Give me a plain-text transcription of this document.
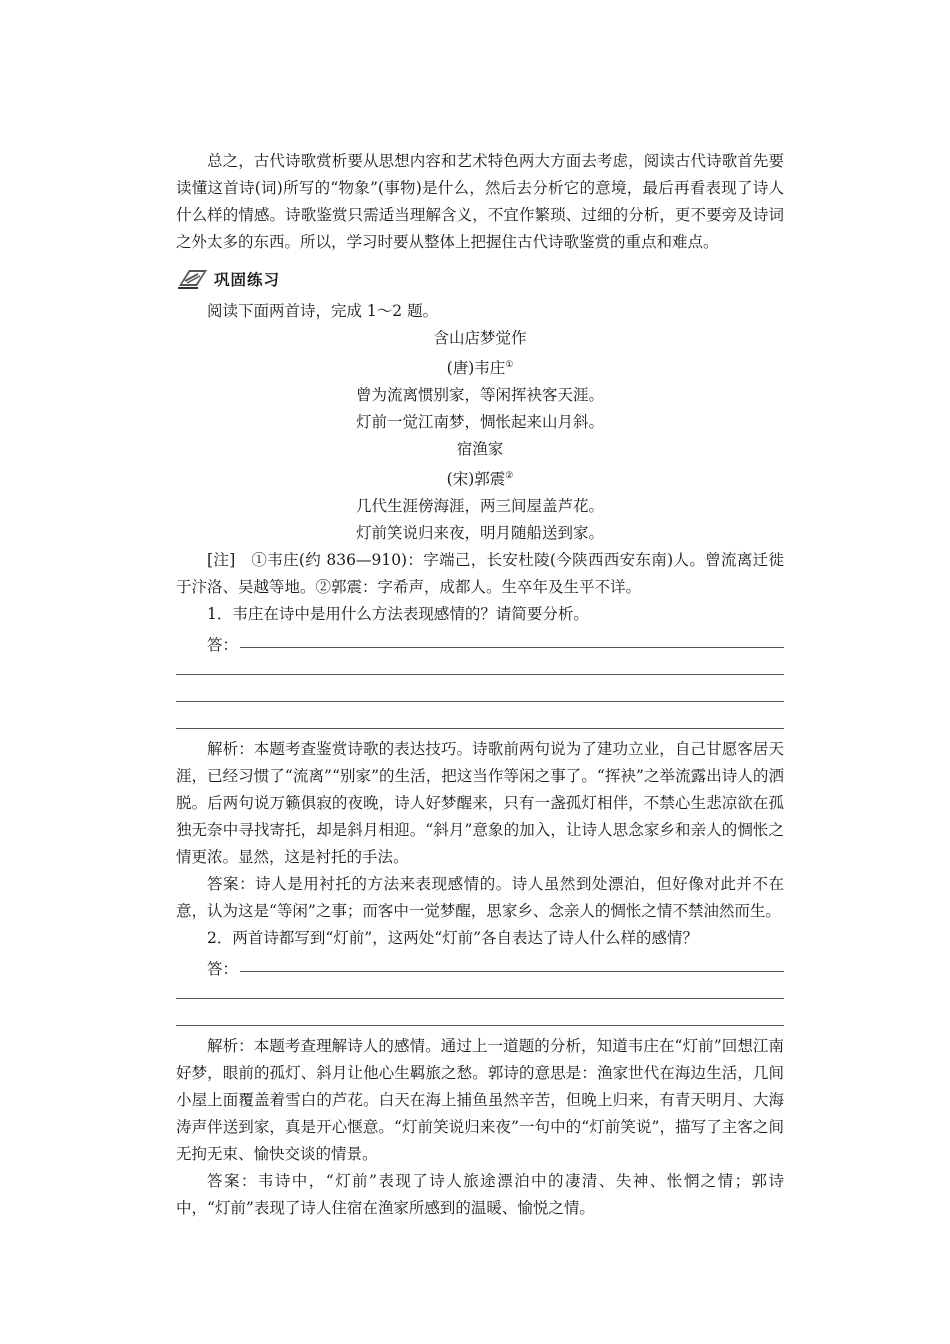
总之，古代诗歌赏析要从思想内容和艺术特色两大方面去考虑，阅读古代诗歌首先要读懂这首诗(词)所写的“物象”(事物)是什么，然后去分析它的意境，最后再看表现了诗人什么样的情感。诗歌鉴赏只需适当理解含义，不宜作繁琐、过细的分析，更不要旁及诗词之外太多的东西。所以，学习时要从整体上把握住古代诗歌鉴赏的重点和难点。

巩固练习

阅读下面两首诗，完成 1～2 题。

含山店梦觉作

(唐)韦庄①

曾为流离惯别家，等闲挥袂客天涯。

灯前一觉江南梦，惆怅起来山月斜。

宿渔家

(宋)郭震②

几代生涯傍海涯，两三间屋盖芦花。

灯前笑说归来夜，明月随船送到家。

[注]　①韦庄(约 836—910)：字端己，长安杜陵(今陕西西安东南)人。曾流离迁徙于汴洛、吴越等地。②郭震：字希声，成都人。生卒年及生平不详。

1．韦庄在诗中是用什么方法表现感情的？请简要分析。

答：

解析：本题考查鉴赏诗歌的表达技巧。诗歌前两句说为了建功立业，自己甘愿客居天涯，已经习惯了“流离”“别家”的生活，把这当作等闲之事了。“挥袂”之举流露出诗人的洒脱。后两句说万籁俱寂的夜晚，诗人好梦醒来，只有一盏孤灯相伴，不禁心生悲凉欲在孤独无奈中寻找寄托，却是斜月相迎。“斜月”意象的加入，让诗人思念家乡和亲人的惆怅之情更浓。显然，这是衬托的手法。

答案：诗人是用衬托的方法来表现感情的。诗人虽然到处漂泊，但好像对此并不在意，认为这是“等闲”之事；而客中一觉梦醒，思家乡、念亲人的惆怅之情不禁油然而生。

2．两首诗都写到“灯前”，这两处“灯前”各自表达了诗人什么样的感情？

答：

解析：本题考查理解诗人的感情。通过上一道题的分析，知道韦庄在“灯前”回想江南好梦，眼前的孤灯、斜月让他心生羁旅之愁。郭诗的意思是：渔家世代在海边生活，几间小屋上面覆盖着雪白的芦花。白天在海上捕鱼虽然辛苦，但晚上归来，有青天明月、大海涛声伴送到家，真是开心惬意。“灯前笑说归来夜”一句中的“灯前笑说”，描写了主客之间无拘无束、愉快交谈的情景。

答案：韦诗中，“灯前”表现了诗人旅途漂泊中的凄清、失神、怅惘之情；郭诗中，“灯前”表现了诗人住宿在渔家所感到的温暖、愉悦之情。
